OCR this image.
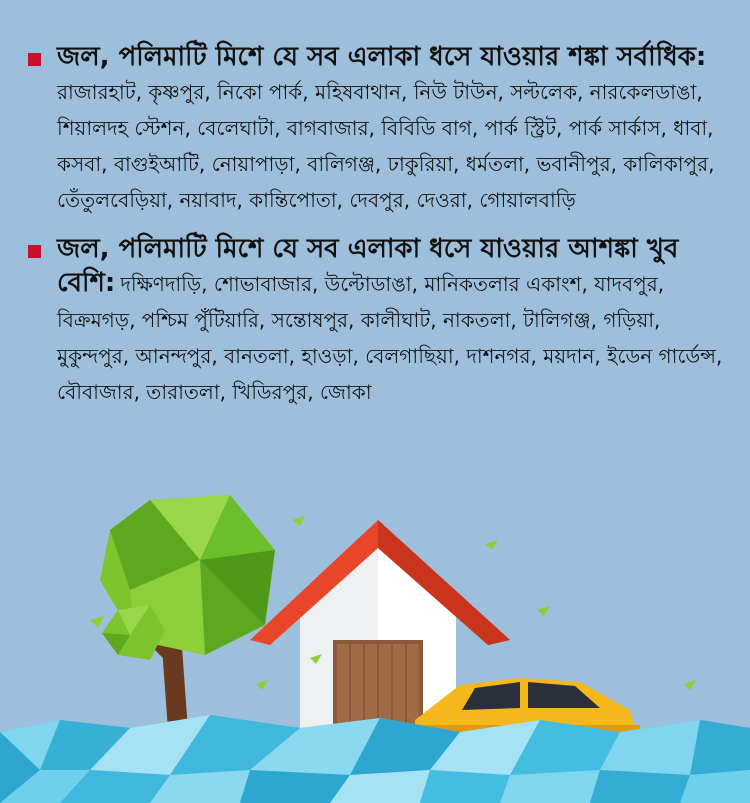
জল, পলিমাটি মিশে যে সব এলাকা ধসে যাওয়ার শঙ্কা সর্বাধিক: রাজারহাট, কৃষ্ণপুর, নিকো পার্ক, মহিষবাথান, নিউ টাউন, সল্টলেক, নারকেলডাঙা, শিয়ালদহ স্টেশন, বেলেঘাটা, বাগবাজার, বিবিডি বাগ, পার্ক স্ট্রিট, পার্ক সার্কাস, ধাবা, কসবা, বাগুইআটি, নোয়াপাড়া, বালিগঞ্জ, ঢাকুরিয়া, ধর্মতলা, ভবানীপুর, কালিকাপুর, তেঁতুলবেড়িয়া, নয়াবাদ, কান্তিপোতা, দেবপুর, দেওরা, গোয়ালবাড়ি
জল, পলিমাটি মিশে যে সব এলাকা ধসে যাওয়ার আশঙ্কা খুব বেশি: দক্ষিণদাড়ি, শোভাবাজার, উল্টোডাঙা, মানিকতলার একাংশ, যাদবপুর, বিক্রমগড়, পশ্চিম পুঁটিয়ারি, সন্তোষপুর, কালীঘাট, নাকতলা, টালিগঞ্জ, গড়িয়া, মুকুন্দপুর, আনন্দপুর, বানতলা, হাওড়া, বেলগাছিয়া, দাশনগর, ময়দান, ইডেন গার্ডেন্স, বৌবাজার, তারাতলা, খিডিরপুর, জোকা
